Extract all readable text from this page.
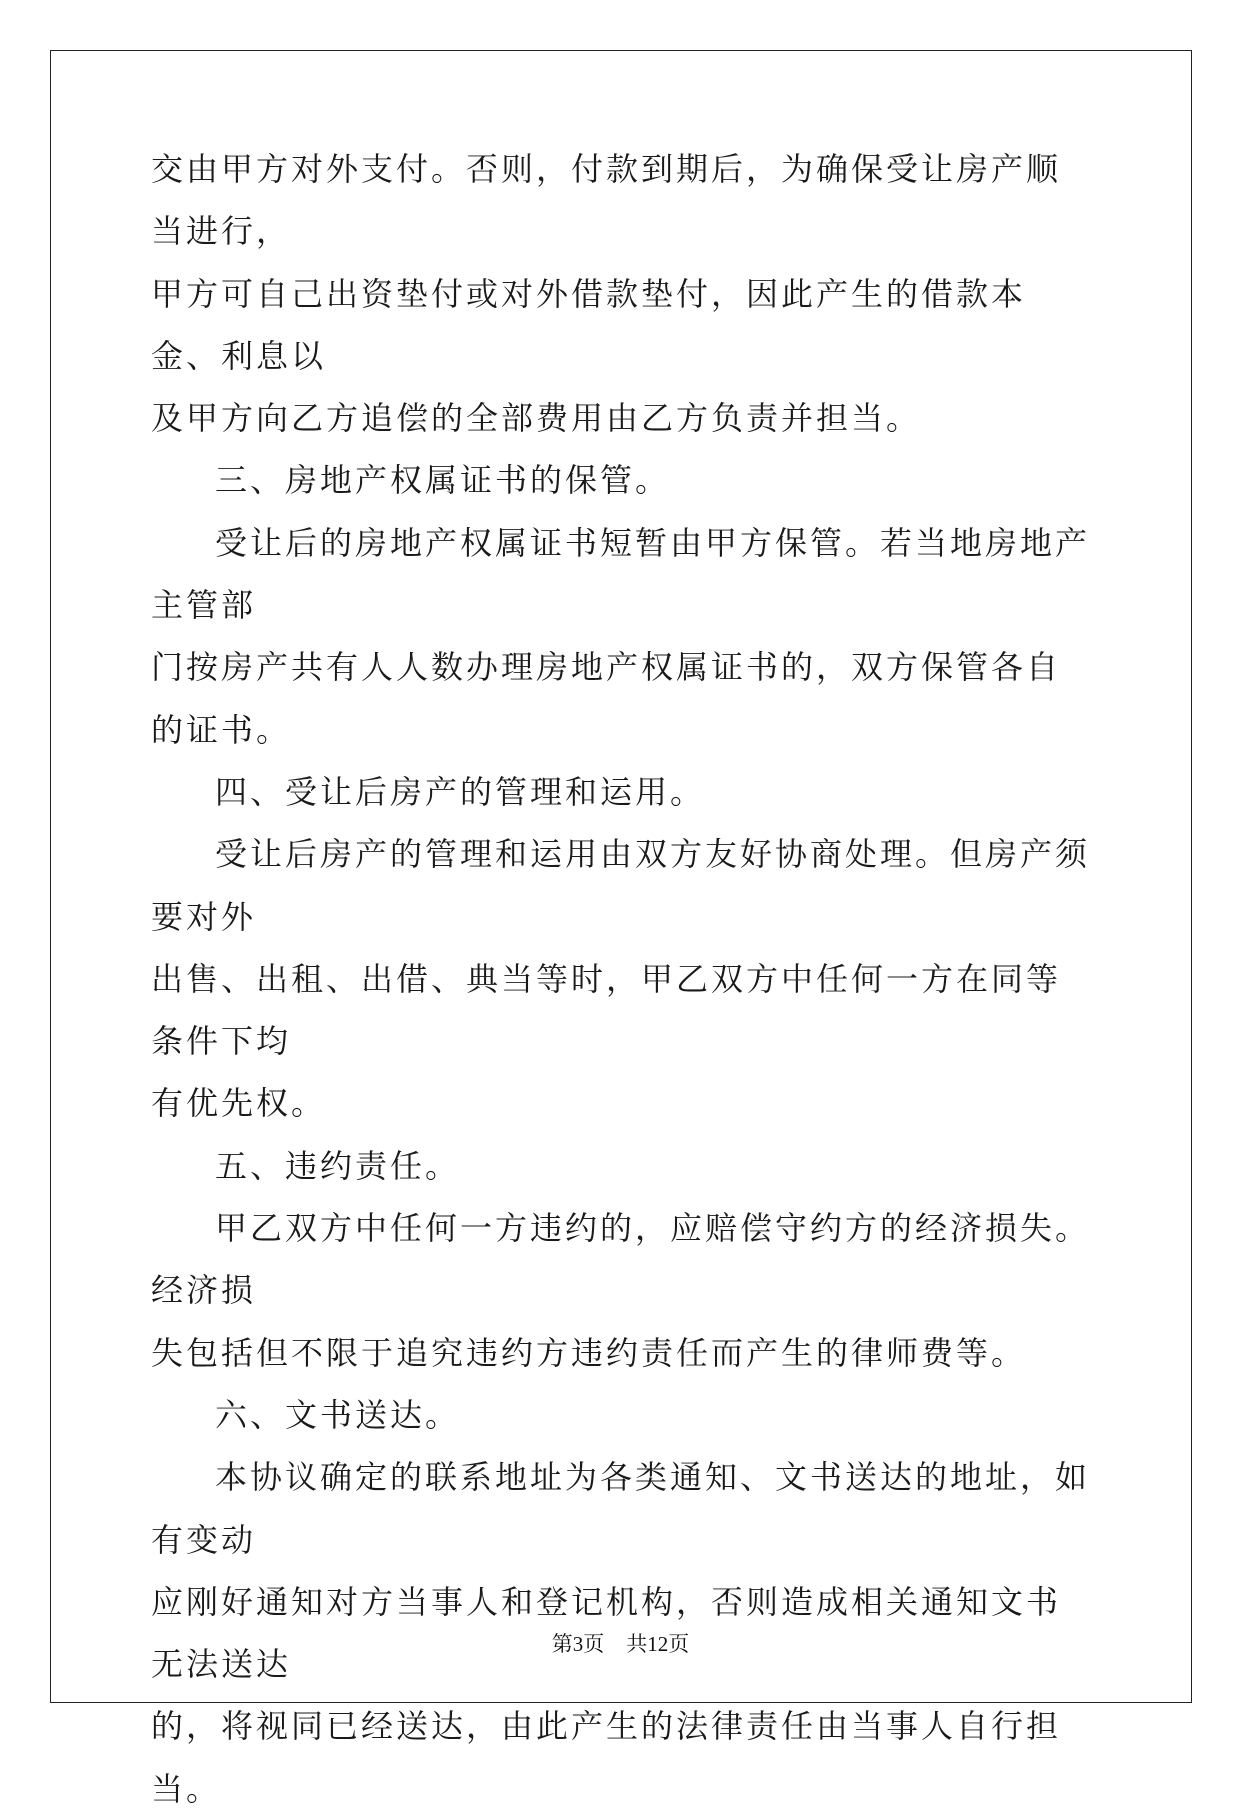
交由甲方对外支付。否则，付款到期后，为确保受让房产顺当进行，

甲方可自己出资垫付或对外借款垫付，因此产生的借款本金、利息以

及甲方向乙方追偿的全部费用由乙方负责并担当。

三、房地产权属证书的保管。

受让后的房地产权属证书短暂由甲方保管。若当地房地产主管部

门按房产共有人人数办理房地产权属证书的，双方保管各自的证书。

四、受让后房产的管理和运用。

受让后房产的管理和运用由双方友好协商处理。但房产须要对外

出售、出租、出借、典当等时，甲乙双方中任何一方在同等条件下均

有优先权。

五、违约责任。

甲乙双方中任何一方违约的，应赔偿守约方的经济损失。经济损

失包括但不限于追究违约方违约责任而产生的律师费等。

六、文书送达。

本协议确定的联系地址为各类通知、文书送达的地址，如有变动

应刚好通知对方当事人和登记机构，否则造成相关通知文书无法送达

的，将视同已经送达，由此产生的法律责任由当事人自行担当。

第3页 共12页
